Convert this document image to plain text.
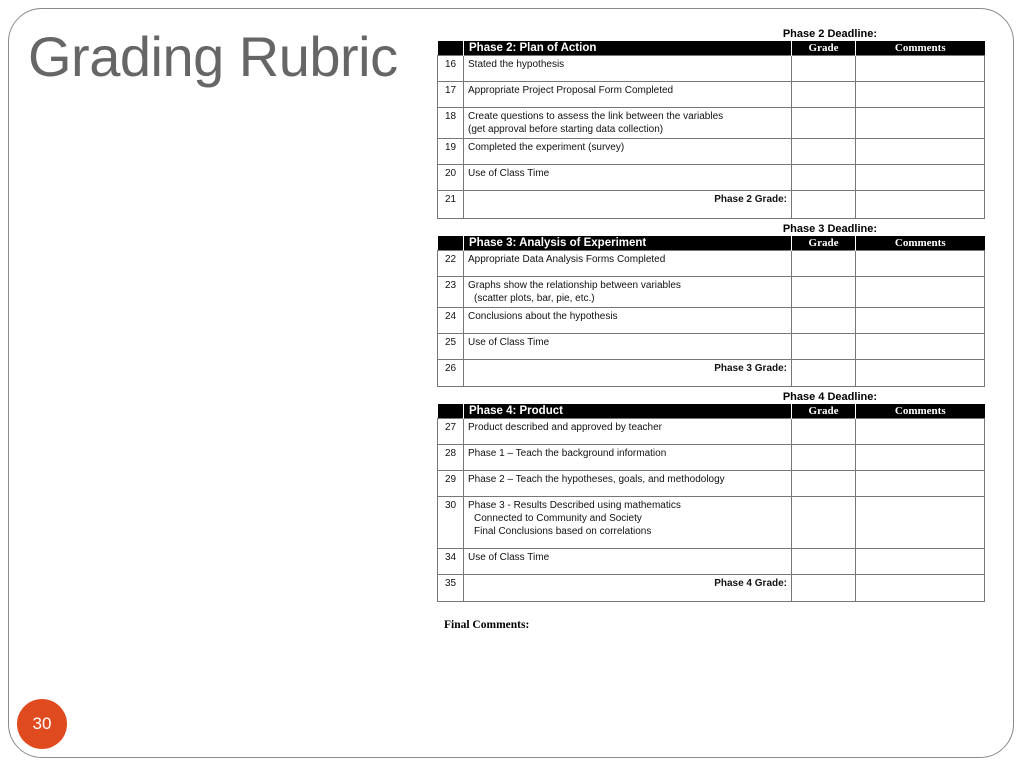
Grading Rubric	Phase 2 Deadline:
	Phase 2: Plan of Action	Grade	Comments
16	Stated the hypothesis		
17	Appropriate Project Proposal Form Completed		
18	Create questions to assess the link between the variables
(get approval before starting data collection)		
19	Completed the experiment (survey)		
20	Use of Class Time		
21	Phase 2 Grade:		
Phase 3 Deadline:
	Phase 3: Analysis of Experiment	Grade	Comments
22	Appropriate Data Analysis Forms Completed		
23	Graphs show the relationship between variables
(scatter plots, bar, pie, etc.)		
24	Conclusions about the hypothesis		
25	Use of Class Time		
26	Phase 3 Grade:		
Phase 4 Deadline:
	Phase 4: Product	Grade	Comments
27	Product described and approved by teacher		
28	Phase 1 – Teach the background information		
29	Phase 2 – Teach the hypotheses, goals, and methodology		
30	Phase 3 - Results Described using mathematics
Connected to Community and Society
Final Conclusions based on correlations		

34	Use of Class Time		
35	Phase 4 Grade:		
Final Comments:
30
